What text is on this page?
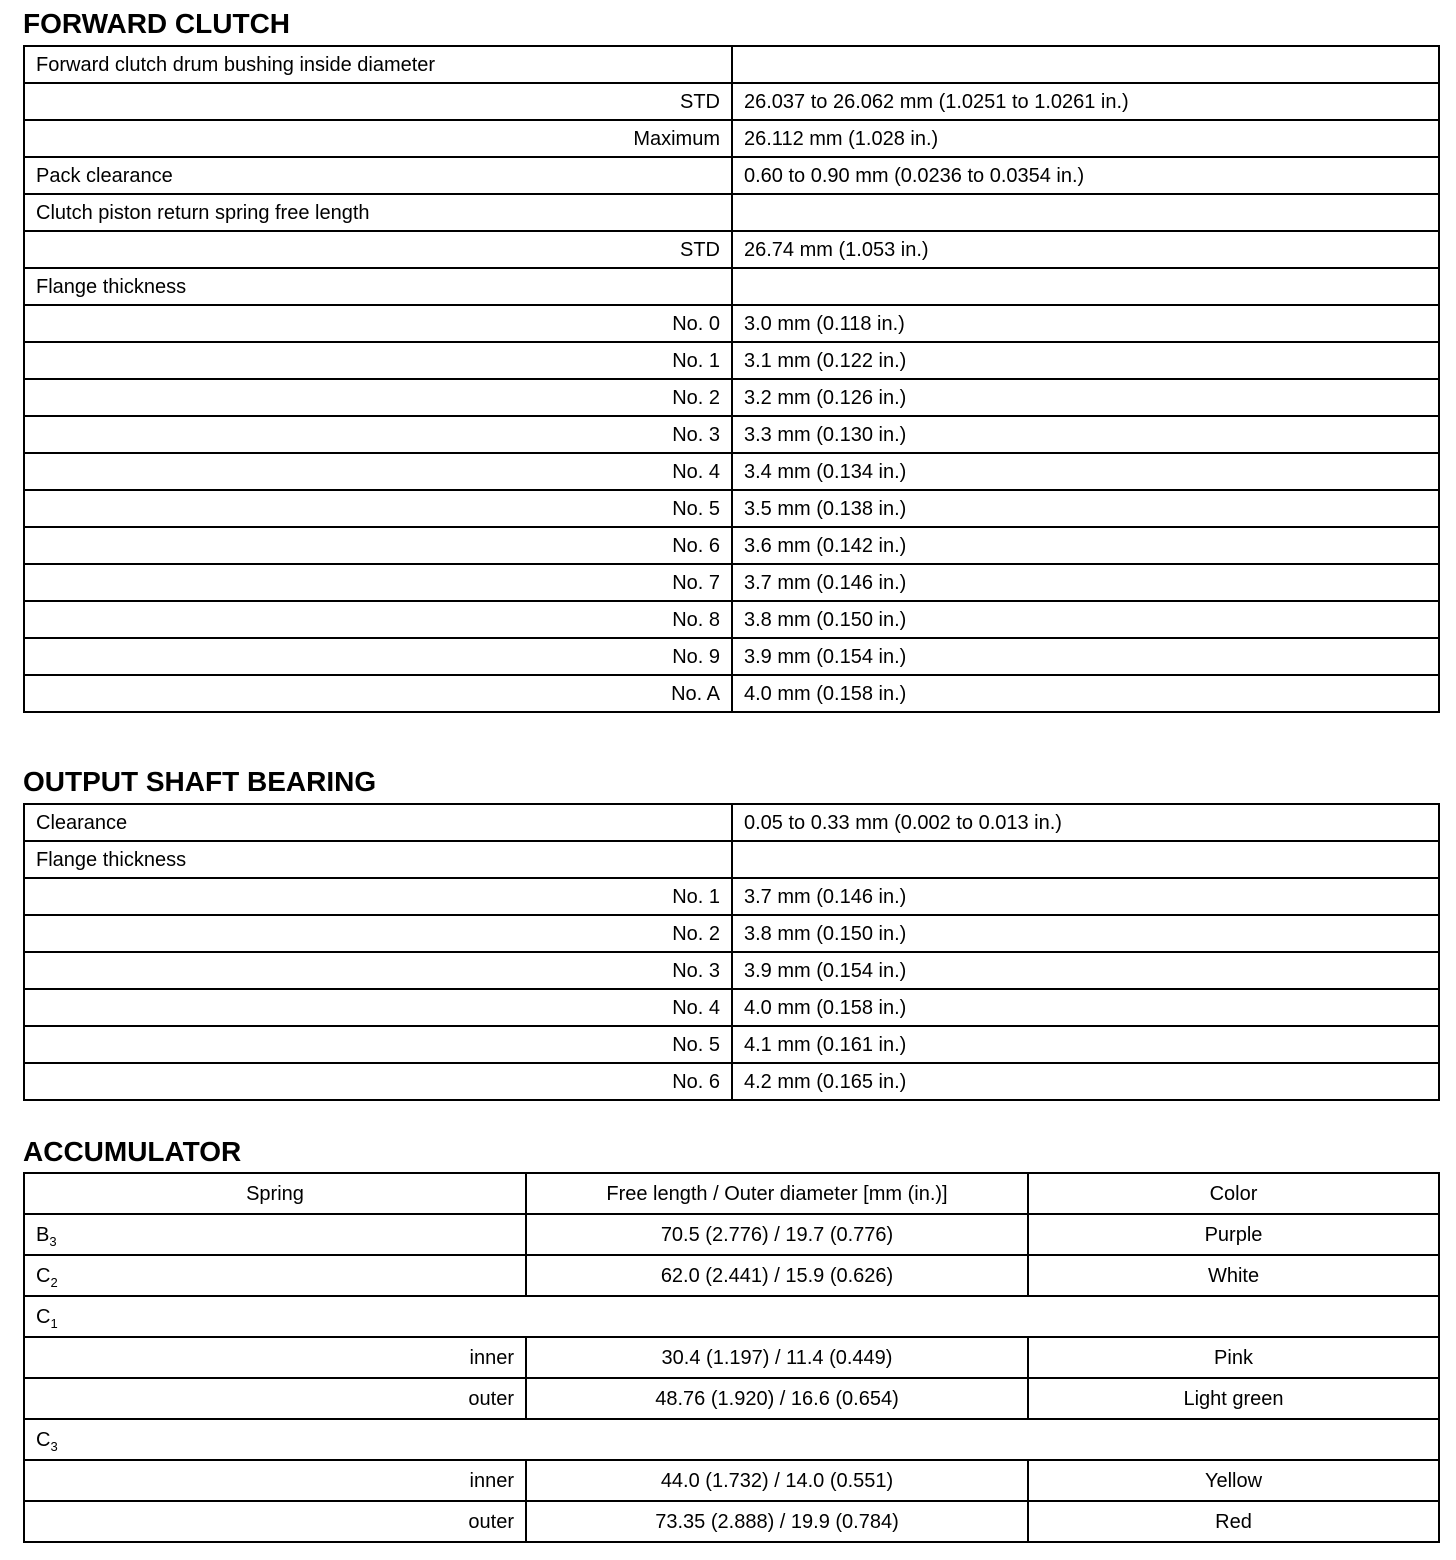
FORWARD CLUTCH
Forward clutch drum bushing inside diameter	
STD	26.037 to 26.062 mm (1.0251 to 1.0261 in.)
Maximum	26.112 mm (1.028 in.)
Pack clearance	0.60 to 0.90 mm (0.0236 to 0.0354 in.)
Clutch piston return spring free length	
STD	26.74 mm (1.053 in.)
Flange thickness	
No. 0	3.0 mm (0.118 in.)
No. 1	3.1 mm (0.122 in.)
No. 2	3.2 mm (0.126 in.)
No. 3	3.3 mm (0.130 in.)
No. 4	3.4 mm (0.134 in.)
No. 5	3.5 mm (0.138 in.)
No. 6	3.6 mm (0.142 in.)
No. 7	3.7 mm (0.146 in.)
No. 8	3.8 mm (0.150 in.)
No. 9	3.9 mm (0.154 in.)
No. A	4.0 mm (0.158 in.)
OUTPUT SHAFT BEARING
Clearance	0.05 to 0.33 mm (0.002 to 0.013 in.)
Flange thickness	
No. 1	3.7 mm (0.146 in.)
No. 2	3.8 mm (0.150 in.)
No. 3	3.9 mm (0.154 in.)
No. 4	4.0 mm (0.158 in.)
No. 5	4.1 mm (0.161 in.)
No. 6	4.2 mm (0.165 in.)
ACCUMULATOR
Spring	Free length / Outer diameter [mm (in.)]	Color
$B_3$	70.5 (2.776) / 19.7 (0.776)	Purple
$C_2$	62.0 (2.441) / 15.9 (0.626)	White
$C_1$
inner	30.4 (1.197) / 11.4 (0.449)	Pink
outer	48.76 (1.920) / 16.6 (0.654)	Light green
$C_3$
inner	44.0 (1.732) / 14.0 (0.551)	Yellow
outer	73.35 (2.888) / 19.9 (0.784)	Red
